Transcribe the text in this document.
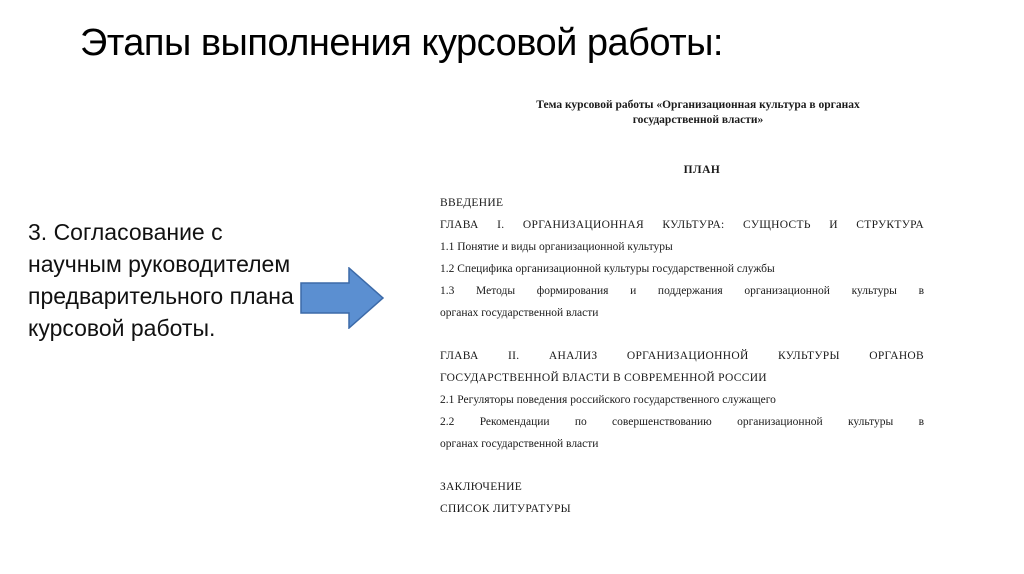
Этапы выполнения курсовой работы:
3. Согласование с научным руководителем предварительного плана курсовой работы.
Тема курсовой работы «Организационная культура в органах
государственной власти»
ПЛАН
ВВЕДЕНИЕ
ГЛАВА I. ОРГАНИЗАЦИОННАЯ КУЛЬТУРА: СУЩНОСТЬ И СТРУКТУРА
1.1 Понятие и виды организационной культуры
1.2 Специфика организационной культуры государственной службы
1.3 Методы формирования и поддержания организационной культуры в
органах государственной власти
ГЛАВА II. АНАЛИЗ ОРГАНИЗАЦИОННОЙ КУЛЬТУРЫ ОРГАНОВ
ГОСУДАРСТВЕННОЙ ВЛАСТИ В СОВРЕМЕННОЙ РОССИИ
2.1 Регуляторы поведения российского государственного служащего
2.2 Рекомендации по совершенствованию организационной культуры в
органах государственной власти
ЗАКЛЮЧЕНИЕ
СПИСОК ЛИТУРАТУРЫ
